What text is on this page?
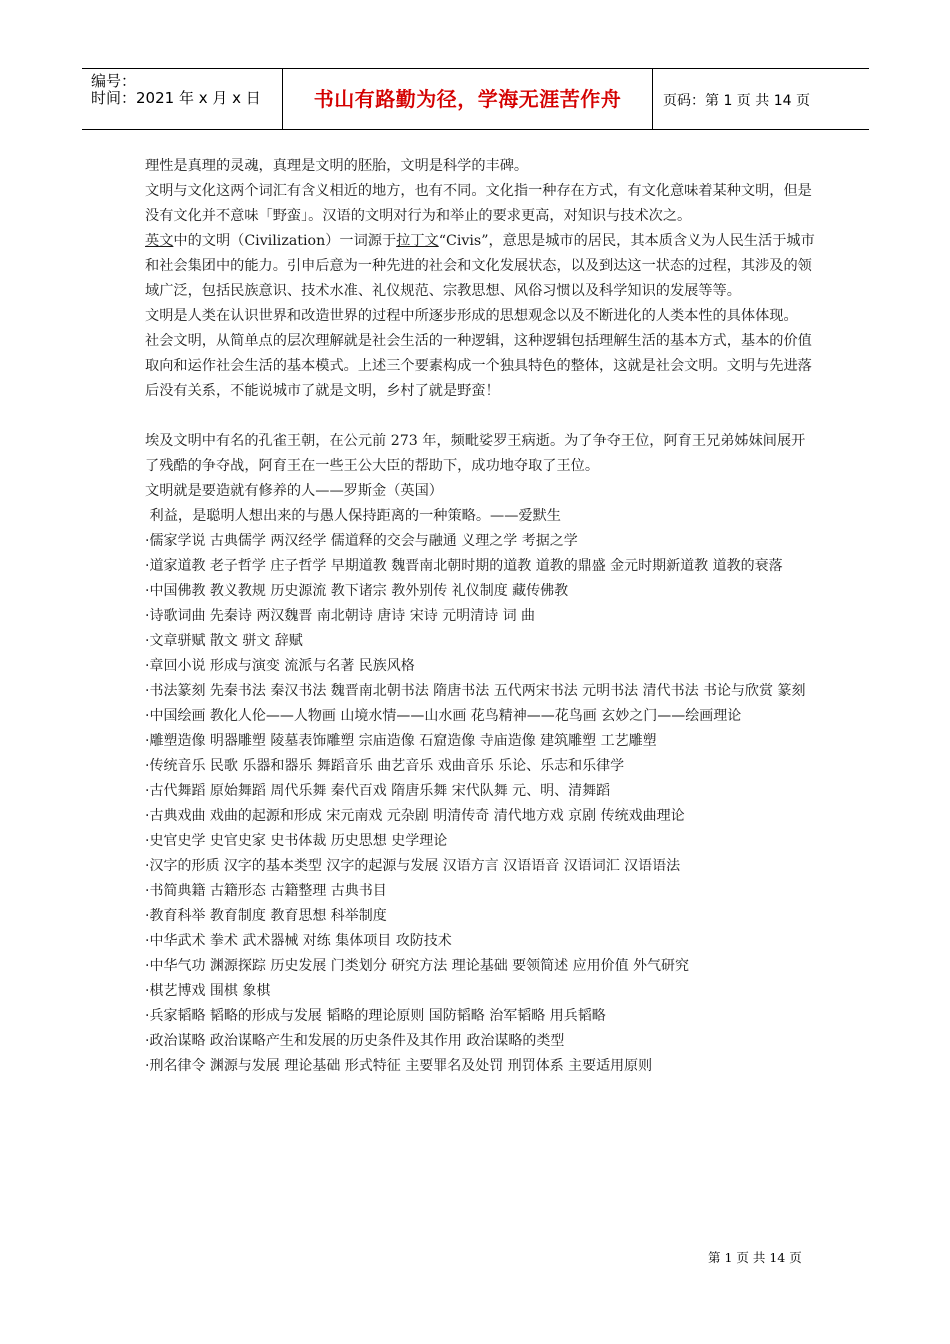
编号：
时间：2021 年 x 月 x 日	书山有路勤为径，学海无涯苦作舟	页码：第 1 页 共 14 页

理性是真理的灵魂，真理是文明的胚胎，文明是科学的丰碑。

文明与文化这两个词汇有含义相近的地方，也有不同。文化指一种存在方式，有文化意味着某种文明，但是没有文化并不意味「野蛮」。汉语的文明对行为和举止的要求更高，对知识与技术次之。

英文中的文明（Civilization）一词源于拉丁文“Civis”，意思是城市的居民，其本质含义为人民生活于城市和社会集团中的能力。引申后意为一种先进的社会和文化发展状态，以及到达这一状态的过程，其涉及的领域广泛，包括民族意识、技术水准、礼仪规范、宗教思想、风俗习惯以及科学知识的发展等等。

文明是人类在认识世界和改造世界的过程中所逐步形成的思想观念以及不断进化的人类本性的具体体现。

社会文明，从简单点的层次理解就是社会生活的一种逻辑，这种逻辑包括理解生活的基本方式，基本的价值取向和运作社会生活的基本模式。上述三个要素构成一个独具特色的整体，这就是社会文明。文明与先进落后没有关系，不能说城市了就是文明，乡村了就是野蛮！

埃及文明中有名的孔雀王朝，在公元前 273 年，频毗娑罗王病逝。为了争夺王位，阿育王兄弟姊妹间展开了残酷的争夺战，阿育王在一些王公大臣的帮助下，成功地夺取了王位。

文明就是要造就有修养的人——罗斯金（英国）

利益，是聪明人想出来的与愚人保持距离的一种策略。——爱默生

·儒家学说 古典儒学 两汉经学 儒道释的交会与融通 义理之学 考据之学

·道家道教 老子哲学 庄子哲学 早期道教 魏晋南北朝时期的道教 道教的鼎盛 金元时期新道教 道教的衰落

·中国佛教 教义教规 历史源流 教下诸宗 教外别传 礼仪制度 藏传佛教

·诗歌词曲 先秦诗 两汉魏晋 南北朝诗 唐诗 宋诗 元明清诗 词 曲

·文章骈赋 散文 骈文 辞赋

·章回小说 形成与演变 流派与名著 民族风格

·书法篆刻 先秦书法 秦汉书法 魏晋南北朝书法 隋唐书法 五代两宋书法 元明书法 清代书法 书论与欣赏 篆刻

·中国绘画 教化人伦——人物画 山境水情——山水画 花鸟精神——花鸟画 玄妙之门——绘画理论

·雕塑造像 明器雕塑 陵墓表饰雕塑 宗庙造像 石窟造像 寺庙造像 建筑雕塑 工艺雕塑

·传统音乐 民歌 乐器和器乐 舞蹈音乐 曲艺音乐 戏曲音乐 乐论、乐志和乐律学

·古代舞蹈 原始舞蹈 周代乐舞 秦代百戏 隋唐乐舞 宋代队舞 元、明、清舞蹈

·古典戏曲 戏曲的起源和形成 宋元南戏 元杂剧 明清传奇 清代地方戏 京剧 传统戏曲理论

·史官史学 史官史家 史书体裁 历史思想 史学理论

·汉字的形质 汉字的基本类型 汉字的起源与发展 汉语方言 汉语语音 汉语词汇 汉语语法

·书简典籍 古籍形态 古籍整理 古典书目

·教育科举 教育制度 教育思想 科举制度

·中华武术 拳术 武术器械 对练 集体项目 攻防技术

·中华气功 渊源探踪 历史发展 门类划分 研究方法 理论基础 要领简述 应用价值 外气研究

·棋艺博戏 围棋 象棋

·兵家韬略 韬略的形成与发展 韬略的理论原则 国防韬略 治军韬略 用兵韬略

·政治谋略 政治谋略产生和发展的历史条件及其作用 政治谋略的类型

·刑名律令 渊源与发展 理论基础 形式特征 主要罪名及处罚 刑罚体系 主要适用原则

第 1 页 共 14 页
